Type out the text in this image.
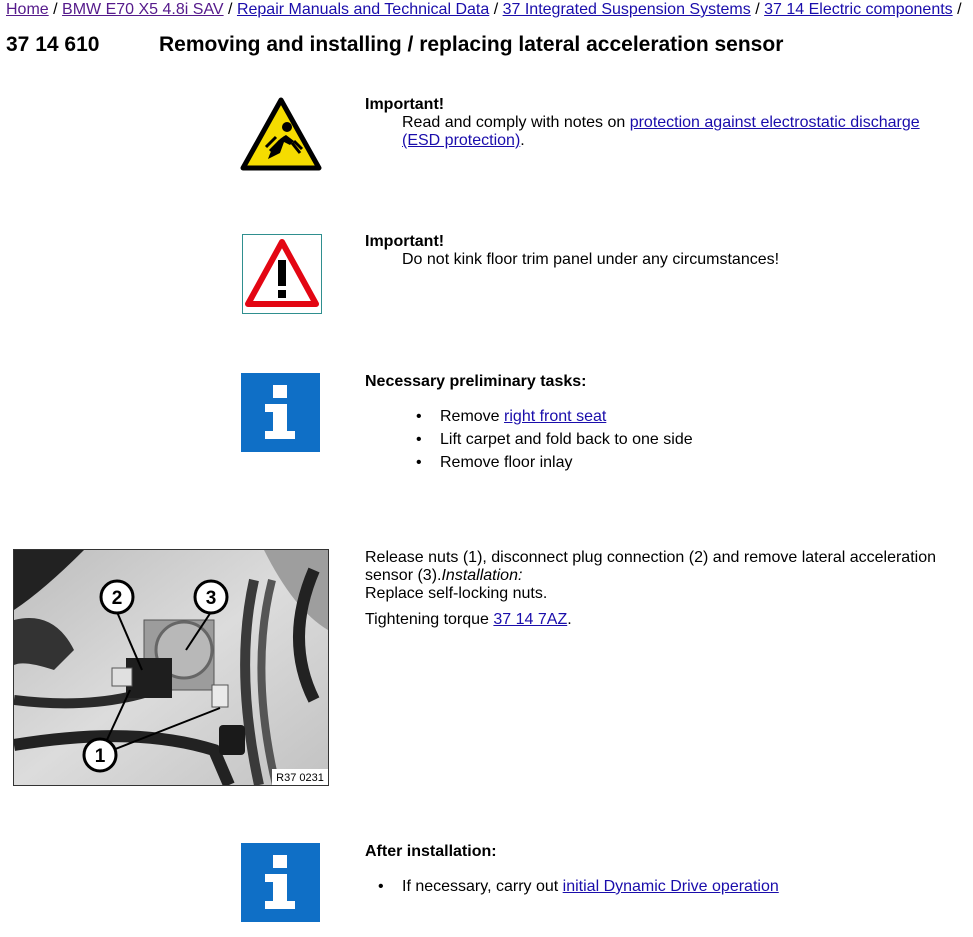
Home / BMW E70 X5 4.8i SAV / Repair Manuals and Technical Data / 37 Integrated Suspension Systems / 37 14 Electric components /
37 14 610	Removing and installing / replacing lateral acceleration sensor
Important!
Read and comply with notes on protection against electrostatic discharge (ESD protection).
Important!
Do not kink floor trim panel under any circumstances!
Necessary preliminary tasks:
• Remove right front seat
• Lift carpet and fold back to one side
• Remove floor inlay
1
2	3
R37 0231

Release nuts (1), disconnect plug connection (2) and remove lateral acceleration sensor (3).Installation:

Replace self-locking nuts.

Tightening torque 37 14 7AZ.

After installation:
• If necessary, carry out initial Dynamic Drive operation
